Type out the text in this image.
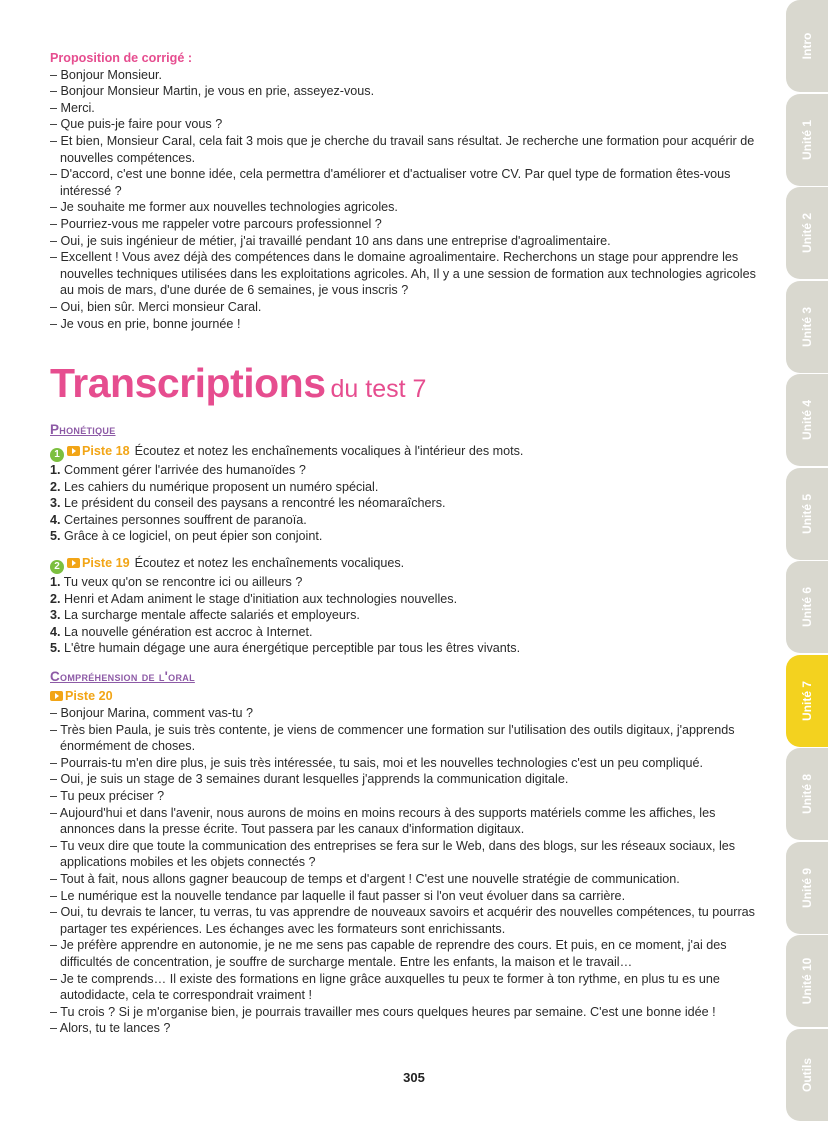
Proposition de corrigé :
– Bonjour Monsieur.
– Bonjour Monsieur Martin, je vous en prie, asseyez-vous.
– Merci.
– Que puis-je faire pour vous ?
– Et bien, Monsieur Caral, cela fait 3 mois que je cherche du travail sans résultat. Je recherche une formation pour acquérir de nouvelles compétences.
– D'accord, c'est une bonne idée, cela permettra d'améliorer et d'actualiser votre CV. Par quel type de formation êtes-vous intéressé ?
– Je souhaite me former aux nouvelles technologies agricoles.
– Pourriez-vous me rappeler votre parcours professionnel ?
– Oui, je suis ingénieur de métier, j'ai travaillé pendant 10 ans dans une entreprise d'agroalimentaire.
– Excellent ! Vous avez déjà des compétences dans le domaine agroalimentaire. Recherchons un stage pour apprendre les nouvelles techniques utilisées dans les exploitations agricoles. Ah, Il y a une session de formation aux technologies agricoles au mois de mars, d'une durée de 6 semaines, je vous inscris ?
– Oui, bien sûr. Merci monsieur Caral.
– Je vous en prie, bonne journée !
Transcriptions du test 7
Phonétique
1 Piste 18 Écoutez et notez les enchaînements vocaliques à l'intérieur des mots.
1. Comment gérer l'arrivée des humanoïdes ?
2. Les cahiers du numérique proposent un numéro spécial.
3. Le président du conseil des paysans a rencontré les néomaraîchers.
4. Certaines personnes souffrent de paranoïa.
5. Grâce à ce logiciel, on peut épier son conjoint.
2 Piste 19 Écoutez et notez les enchaînements vocaliques.
1. Tu veux qu'on se rencontre ici ou ailleurs ?
2. Henri et Adam animent le stage d'initiation aux technologies nouvelles.
3. La surcharge mentale affecte salariés et employeurs.
4. La nouvelle génération est accroc à Internet.
5. L'être humain dégage une aura énergétique perceptible par tous les êtres vivants.
Compréhension de l'oral
Piste 20
– Bonjour Marina, comment vas-tu ?
– Très bien Paula, je suis très contente, je viens de commencer une formation sur l'utilisation des outils digitaux, j'apprends énormément de choses.
– Pourrais-tu m'en dire plus, je suis très intéressée, tu sais, moi et les nouvelles technologies c'est un peu compliqué.
– Oui, je suis un stage de 3 semaines durant lesquelles j'apprends la communication digitale.
– Tu peux préciser ?
– Aujourd'hui et dans l'avenir, nous aurons de moins en moins recours à des supports matériels comme les affiches, les annonces dans la presse écrite. Tout passera par les canaux d'information digitaux.
– Tu veux dire que toute la communication des entreprises se fera sur le Web, dans des blogs, sur les réseaux sociaux, les applications mobiles et les objets connectés ?
– Tout à fait, nous allons gagner beaucoup de temps et d'argent ! C'est une nouvelle stratégie de communication.
– Le numérique est la nouvelle tendance par laquelle il faut passer si l'on veut évoluer dans sa carrière.
– Oui, tu devrais te lancer, tu verras, tu vas apprendre de nouveaux savoirs et acquérir des nouvelles compétences, tu pourras partager tes expériences. Les échanges avec les formateurs sont enrichissants.
– Je préfère apprendre en autonomie, je ne me sens pas capable de reprendre des cours. Et puis, en ce moment, j'ai des difficultés de concentration, je souffre de surcharge mentale. Entre les enfants, la maison et le travail…
– Je te comprends… Il existe des formations en ligne grâce auxquelles tu peux te former à ton rythme, en plus tu es une autodidacte, cela te correspondrait vraiment !
– Tu crois ? Si je m'organise bien, je pourrais travailler mes cours quelques heures par semaine. C'est une bonne idée !
– Alors, tu te lances ?
305
Intro
Unité 1
Unité 2
Unité 3
Unité 4
Unité 5
Unité 6
Unité 7
Unité 8
Unité 9
Unité 10
Outils
